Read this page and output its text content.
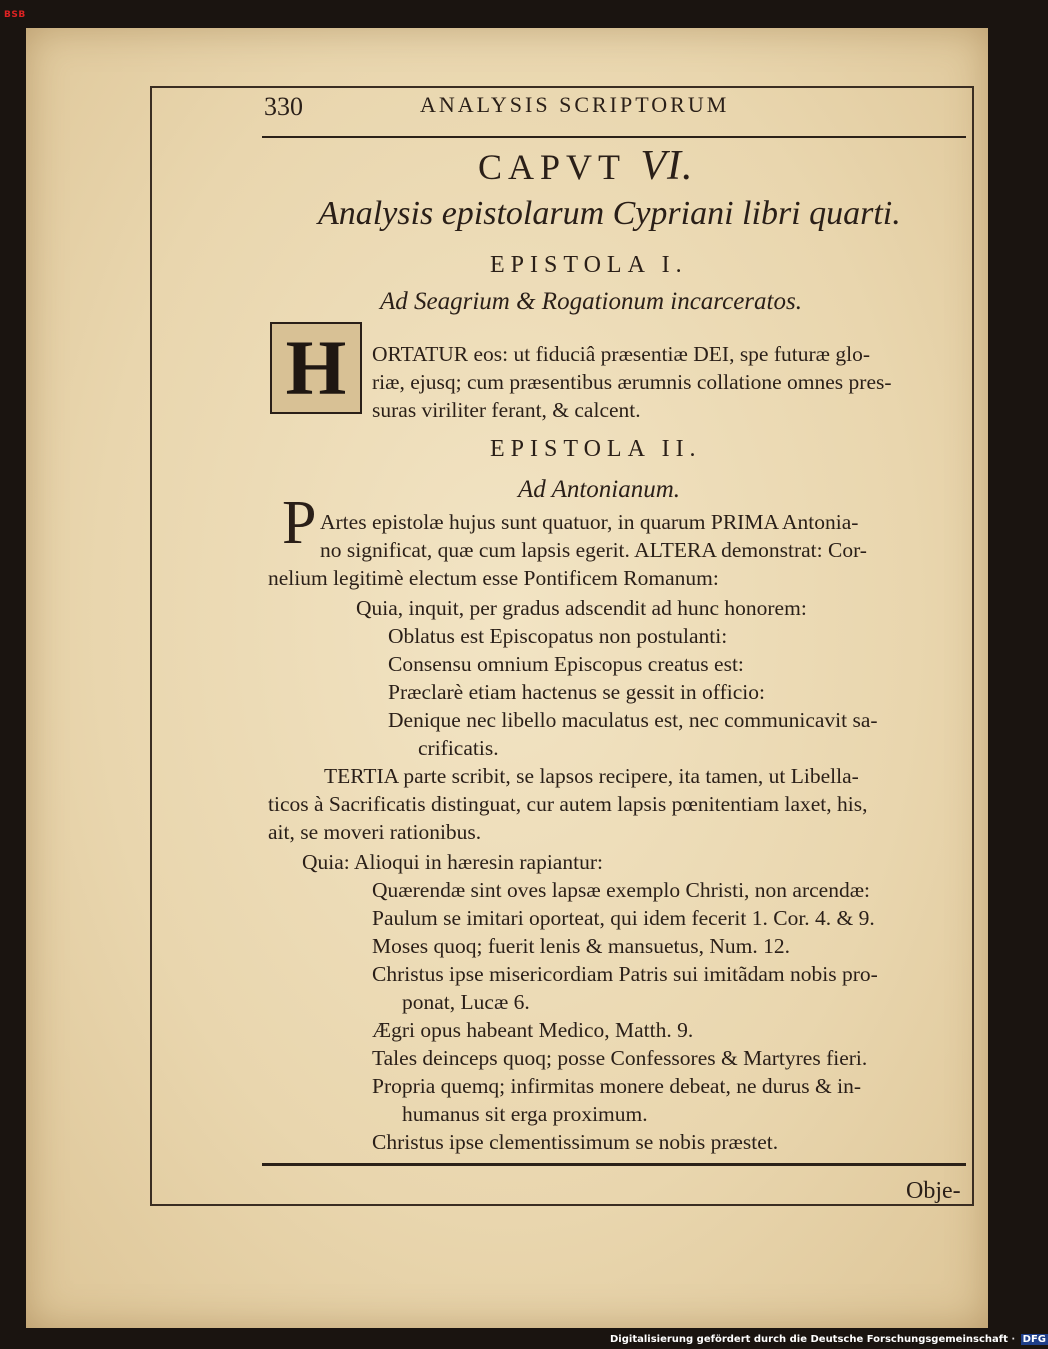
BSB
330	ANALYSIS SCRIPTORUM
CAPVT VI.
Analysis epistolarum Cypriani libri quarti.
EPISTOLA I.
Ad Seagrium & Rogationum incarceratos.
H	ORTATUR eos: ut fiduciâ præsentiæ DEI, spe futuræ glo-
riæ, ejusq; cum præsentibus ærumnis collatione omnes pres-
suras viriliter ferant, & calcent.
EPISTOLA II.
Ad Antonianum.
P Artes epistolæ hujus sunt quatuor, in quarum PRIMA Antonia-
no significat, quæ cum lapsis egerit. ALTERA demonstrat: Cor-
nelium legitimè electum esse Pontificem Romanum:
Quia, inquit, per gradus adscendit ad hunc honorem:
Oblatus est Episcopatus non postulanti:
Consensu omnium Episcopus creatus est:
Præclarè etiam hactenus se gessit in officio:
Denique nec libello maculatus est, nec communicavit sa-
crificatis.
TERTIA parte scribit, se lapsos recipere, ita tamen, ut Libella-
ticos à Sacrificatis distinguat, cur autem lapsis pœnitentiam laxet, his,
ait, se moveri rationibus.
Quia: Alioqui in hæresin rapiantur:
Quærendæ sint oves lapsæ exemplo Christi, non arcendæ:
Paulum se imitari oporteat, qui idem fecerit 1. Cor. 4. & 9.
Moses quoq; fuerit lenis & mansuetus, Num. 12.
Christus ipse misericordiam Patris sui imitãdam nobis pro-
ponat, Lucæ 6.
Ægri opus habeant Medico, Matth. 9.
Tales deinceps quoq; posse Confessores & Martyres fieri.
Propria quemq; infirmitas monere debeat, ne durus & in-
humanus sit erga proximum.
Christus ipse clementissimum se nobis præstet.
Obje-
Digitalisierung gefördert durch die Deutsche Forschungsgemeinschaft · DFG
